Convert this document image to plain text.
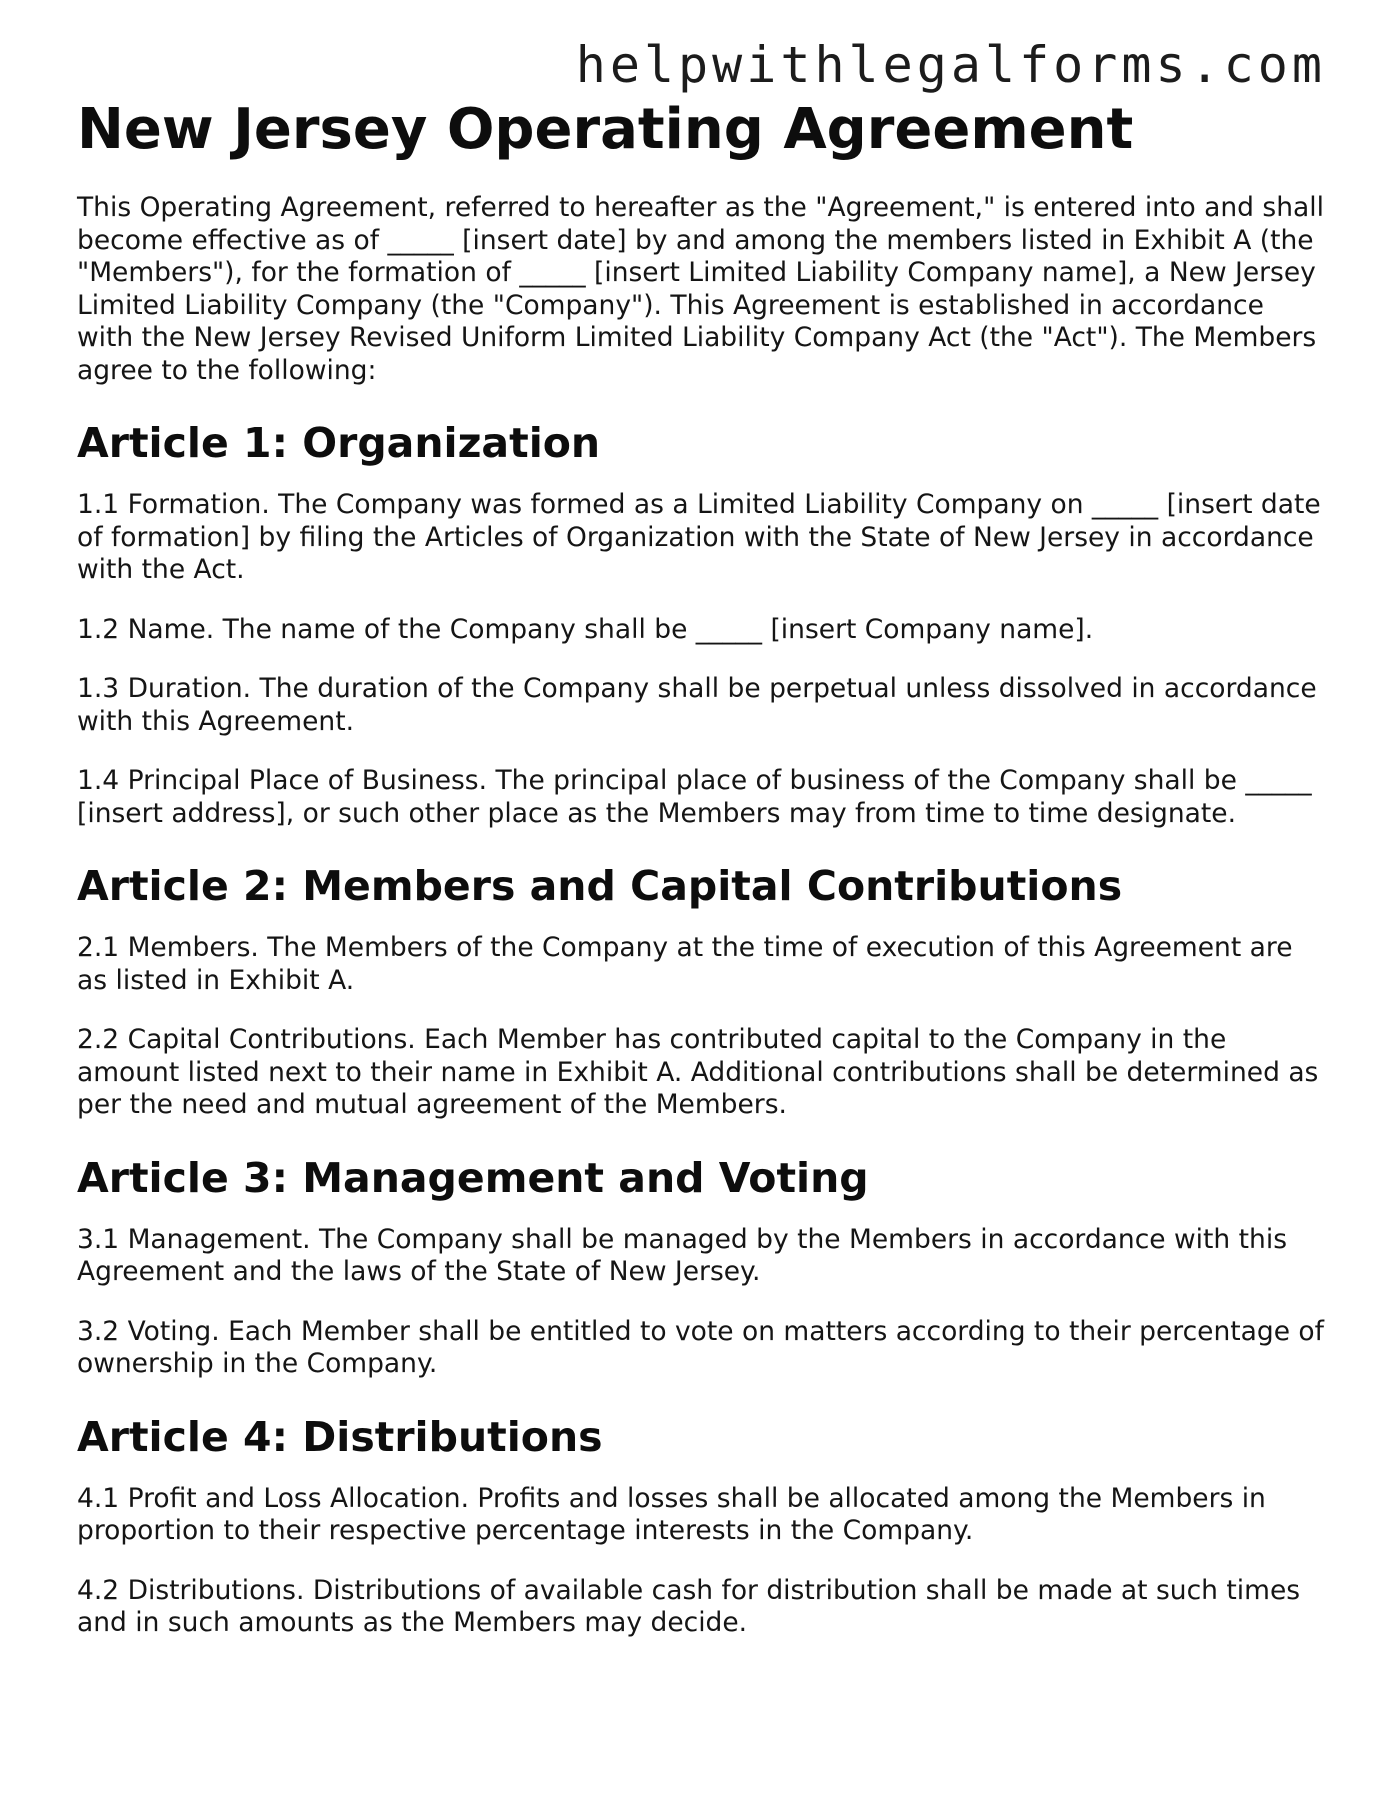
helpwithlegalforms.com
New Jersey Operating Agreement

This Operating Agreement, referred to hereafter as the "Agreement," is entered into and shall become effective as of _____ [insert date] by and among the members listed in Exhibit A (the "Members"), for the formation of _____ [insert Limited Liability Company name], a New Jersey Limited Liability Company (the "Company"). This Agreement is established in accordance with the New Jersey Revised Uniform Limited Liability Company Act (the "Act"). The Members agree to the following:

Article 1: Organization

1.1 Formation. The Company was formed as a Limited Liability Company on _____ [insert date of formation] by filing the Articles of Organization with the State of New Jersey in accordance with the Act.

1.2 Name. The name of the Company shall be _____ [insert Company name].

1.3 Duration. The duration of the Company shall be perpetual unless dissolved in accordance with this Agreement.

1.4 Principal Place of Business. The principal place of business of the Company shall be _____ [insert address], or such other place as the Members may from time to time designate.

Article 2: Members and Capital Contributions

2.1 Members. The Members of the Company at the time of execution of this Agreement are as listed in Exhibit A.

2.2 Capital Contributions. Each Member has contributed capital to the Company in the amount listed next to their name in Exhibit A. Additional contributions shall be determined as per the need and mutual agreement of the Members.

Article 3: Management and Voting

3.1 Management. The Company shall be managed by the Members in accordance with this Agreement and the laws of the State of New Jersey.

3.2 Voting. Each Member shall be entitled to vote on matters according to their percentage of ownership in the Company.

Article 4: Distributions

4.1 Profit and Loss Allocation. Profits and losses shall be allocated among the Members in proportion to their respective percentage interests in the Company.

4.2 Distributions. Distributions of available cash for distribution shall be made at such times and in such amounts as the Members may decide.
